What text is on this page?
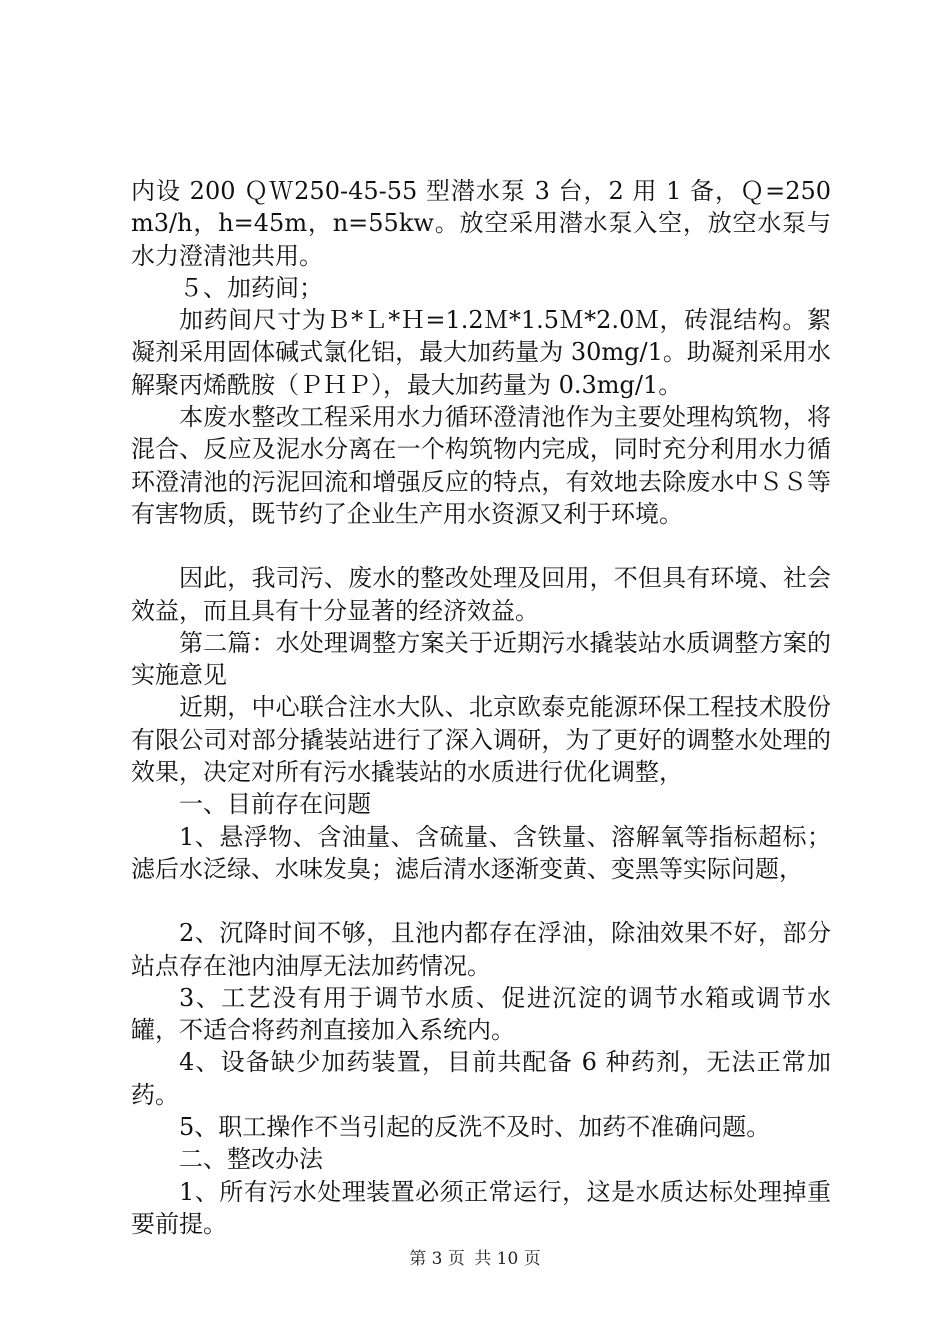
内设 200 ＱＷ250-45-55 型潜水泵 3 台，2 用 1 备，Ｑ=250m3/h，h=45m，n=55kw。放空采用潜水泵入空，放空水泵与水力澄清池共用。

５、加药间；

加药间尺寸为Ｂ*Ｌ*Ｈ=1.2Ｍ*1.5Ｍ*2.0Ｍ，砖混结构。絮凝剂采用固体碱式氯化铝，最大加药量为 30mg/1。助凝剂采用水解聚丙烯酰胺（ＰＨＰ），最大加药量为 0.3mg/1。

本废水整改工程采用水力循环澄清池作为主要处理构筑物，将混合、反应及泥水分离在一个构筑物内完成，同时充分利用水力循环澄清池的污泥回流和增强反应的特点，有效地去除废水中ＳＳ等有害物质，既节约了企业生产用水资源又利于环境。

因此，我司污、废水的整改处理及回用，不但具有环境、社会效益，而且具有十分显著的经济效益。

第二篇：水处理调整方案关于近期污水撬装站水质调整方案的实施意见

近期，中心联合注水大队、北京欧泰克能源环保工程技术股份有限公司对部分撬装站进行了深入调研，为了更好的调整水处理的效果，决定对所有污水撬装站的水质进行优化调整，

一、目前存在问题

1、悬浮物、含油量、含硫量、含铁量、溶解氧等指标超标；滤后水泛绿、水味发臭；滤后清水逐渐变黄、变黑等实际问题，

2、沉降时间不够，且池内都存在浮油，除油效果不好，部分站点存在池内油厚无法加药情况。

3、工艺没有用于调节水质、促进沉淀的调节水箱或调节水罐，不适合将药剂直接加入系统内。

4、设备缺少加药装置，目前共配备 6 种药剂，无法正常加药。

5、职工操作不当引起的反洗不及时、加药不准确问题。

二、整改办法

1、所有污水处理装置必须正常运行，这是水质达标处理掉重要前提。

第 3 页 共 10 页
